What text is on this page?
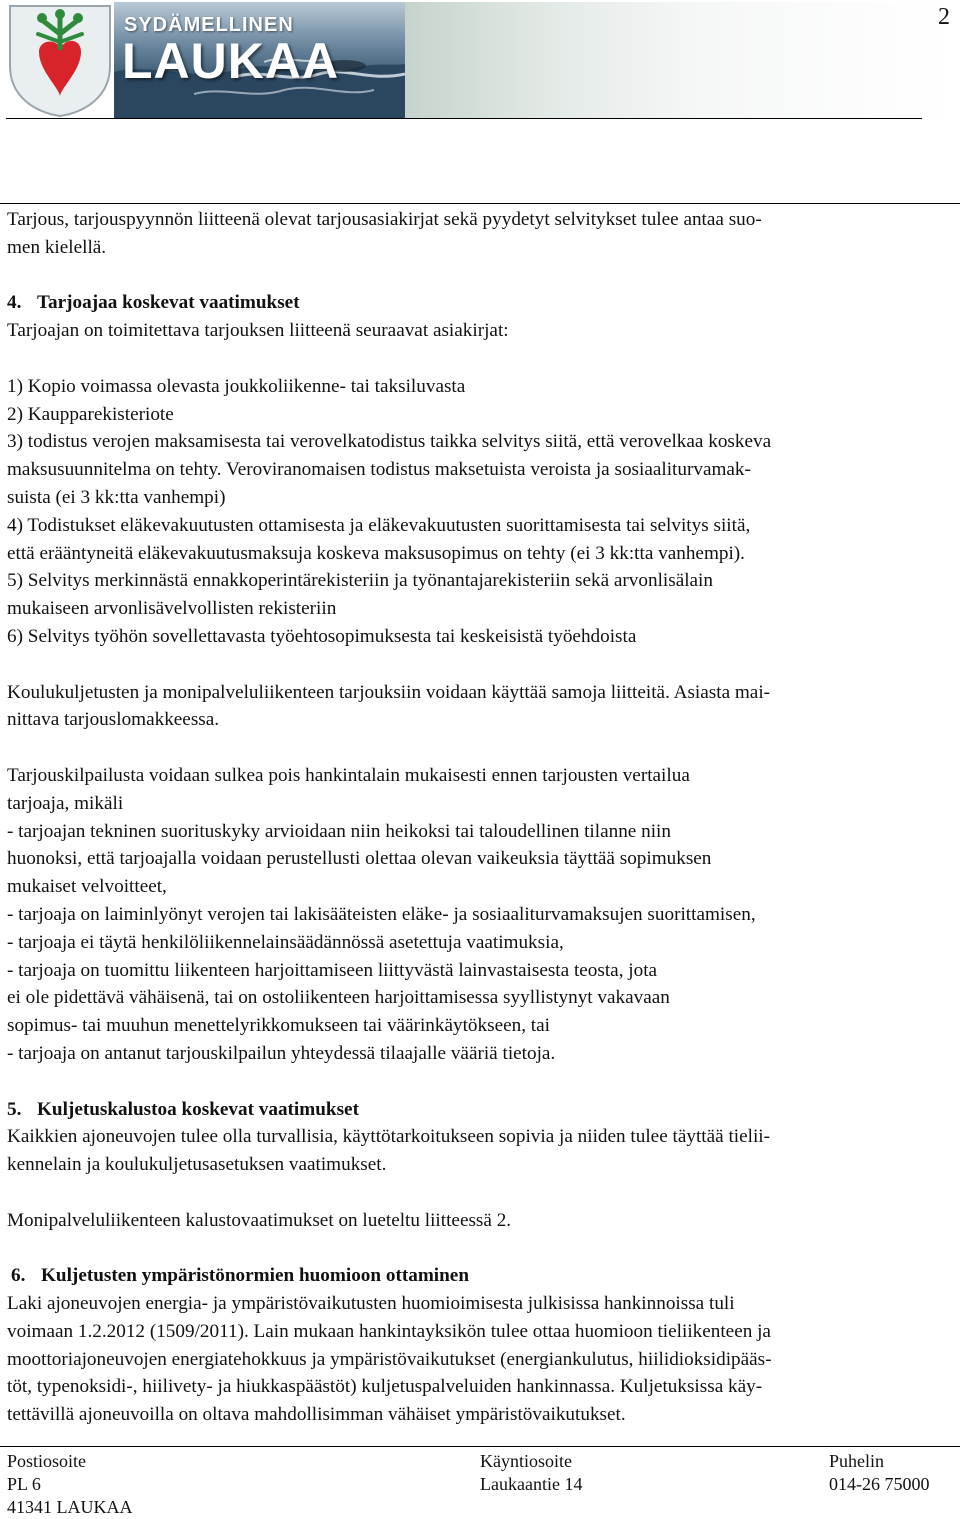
SYDÄMELLINEN
LAUKAA
2

Tarjous, tarjouspyynnön liitteenä olevat tarjousasiakirjat sekä pyydetyt selvitykset tulee antaa suo-
men kielellä.

4. Tarjoajaa koskevat vaatimukset

Tarjoajan on toimitettava tarjouksen liitteenä seuraavat asiakirjat:

1) Kopio voimassa olevasta joukkoliikenne- tai taksiluvasta

2) Kaupparekisteriote

3) todistus verojen maksamisesta tai verovelkatodistus taikka selvitys siitä, että verovelkaa koskeva
maksusuunnitelma on tehty. Veroviranomaisen todistus maksetuista veroista ja sosiaaliturvamak-
suista (ei 3 kk:tta vanhempi)

4) Todistukset eläkevakuutusten ottamisesta ja eläkevakuutusten suorittamisesta tai selvitys siitä,
että erääntyneitä eläkevakuutusmaksuja koskeva maksusopimus on tehty (ei 3 kk:tta vanhempi).

5) Selvitys merkinnästä ennakkoperintärekisteriin ja työnantajarekisteriin sekä arvonlisälain
mukaiseen arvonlisävelvollisten rekisteriin

6) Selvitys työhön sovellettavasta työehtosopimuksesta tai keskeisistä työehdoista

Koulukuljetusten ja monipalveluliikenteen tarjouksiin voidaan käyttää samoja liitteitä. Asiasta mai-
nittava tarjouslomakkeessa.

Tarjouskilpailusta voidaan sulkea pois hankintalain mukaisesti ennen tarjousten vertailua
tarjoaja, mikäli

- tarjoajan tekninen suorituskyky arvioidaan niin heikoksi tai taloudellinen tilanne niin
huonoksi, että tarjoajalla voidaan perustellusti olettaa olevan vaikeuksia täyttää sopimuksen
mukaiset velvoitteet,

- tarjoaja on laiminlyönyt verojen tai lakisääteisten eläke- ja sosiaaliturvamaksujen suorittamisen,

- tarjoaja ei täytä henkilöliikennelainsäädännössä asetettuja vaatimuksia,

- tarjoaja on tuomittu liikenteen harjoittamiseen liittyvästä lainvastaisesta teosta, jota
ei ole pidettävä vähäisenä, tai on ostoliikenteen harjoittamisessa syyllistynyt vakavaan
sopimus- tai muuhun menettelyrikkomukseen tai väärinkäytökseen, tai

- tarjoaja on antanut tarjouskilpailun yhteydessä tilaajalle vääriä tietoja.

5. Kuljetuskalustoa koskevat vaatimukset

Kaikkien ajoneuvojen tulee olla turvallisia, käyttötarkoitukseen sopivia ja niiden tulee täyttää tielii-
kennelain ja koulukuljetusasetuksen vaatimukset.

Monipalveluliikenteen kalustovaatimukset on lueteltu liitteessä 2.

6. Kuljetusten ympäristönormien huomioon ottaminen

Laki ajoneuvojen energia- ja ympäristövaikutusten huomioimisesta julkisissa hankinnoissa tuli
voimaan 1.2.2012 (1509/2011). Lain mukaan hankintayksikön tulee ottaa huomioon tieliikenteen ja
moottoriajoneuvojen energiatehokkuus ja ympäristövaikutukset (energiankulutus, hiilidioksidipääs-
töt, typenoksidi-, hiilivety- ja hiukkaspäästöt) kuljetuspalveluiden hankinnassa. Kuljetuksissa käy-
tettävillä ajoneuvoilla on oltava mahdollisimman vähäiset ympäristövaikutukset.

Postiosoite
PL 6
41341 LAUKAA
Käyntiosoite
Laukaantie 14
Puhelin
014-26 75000
